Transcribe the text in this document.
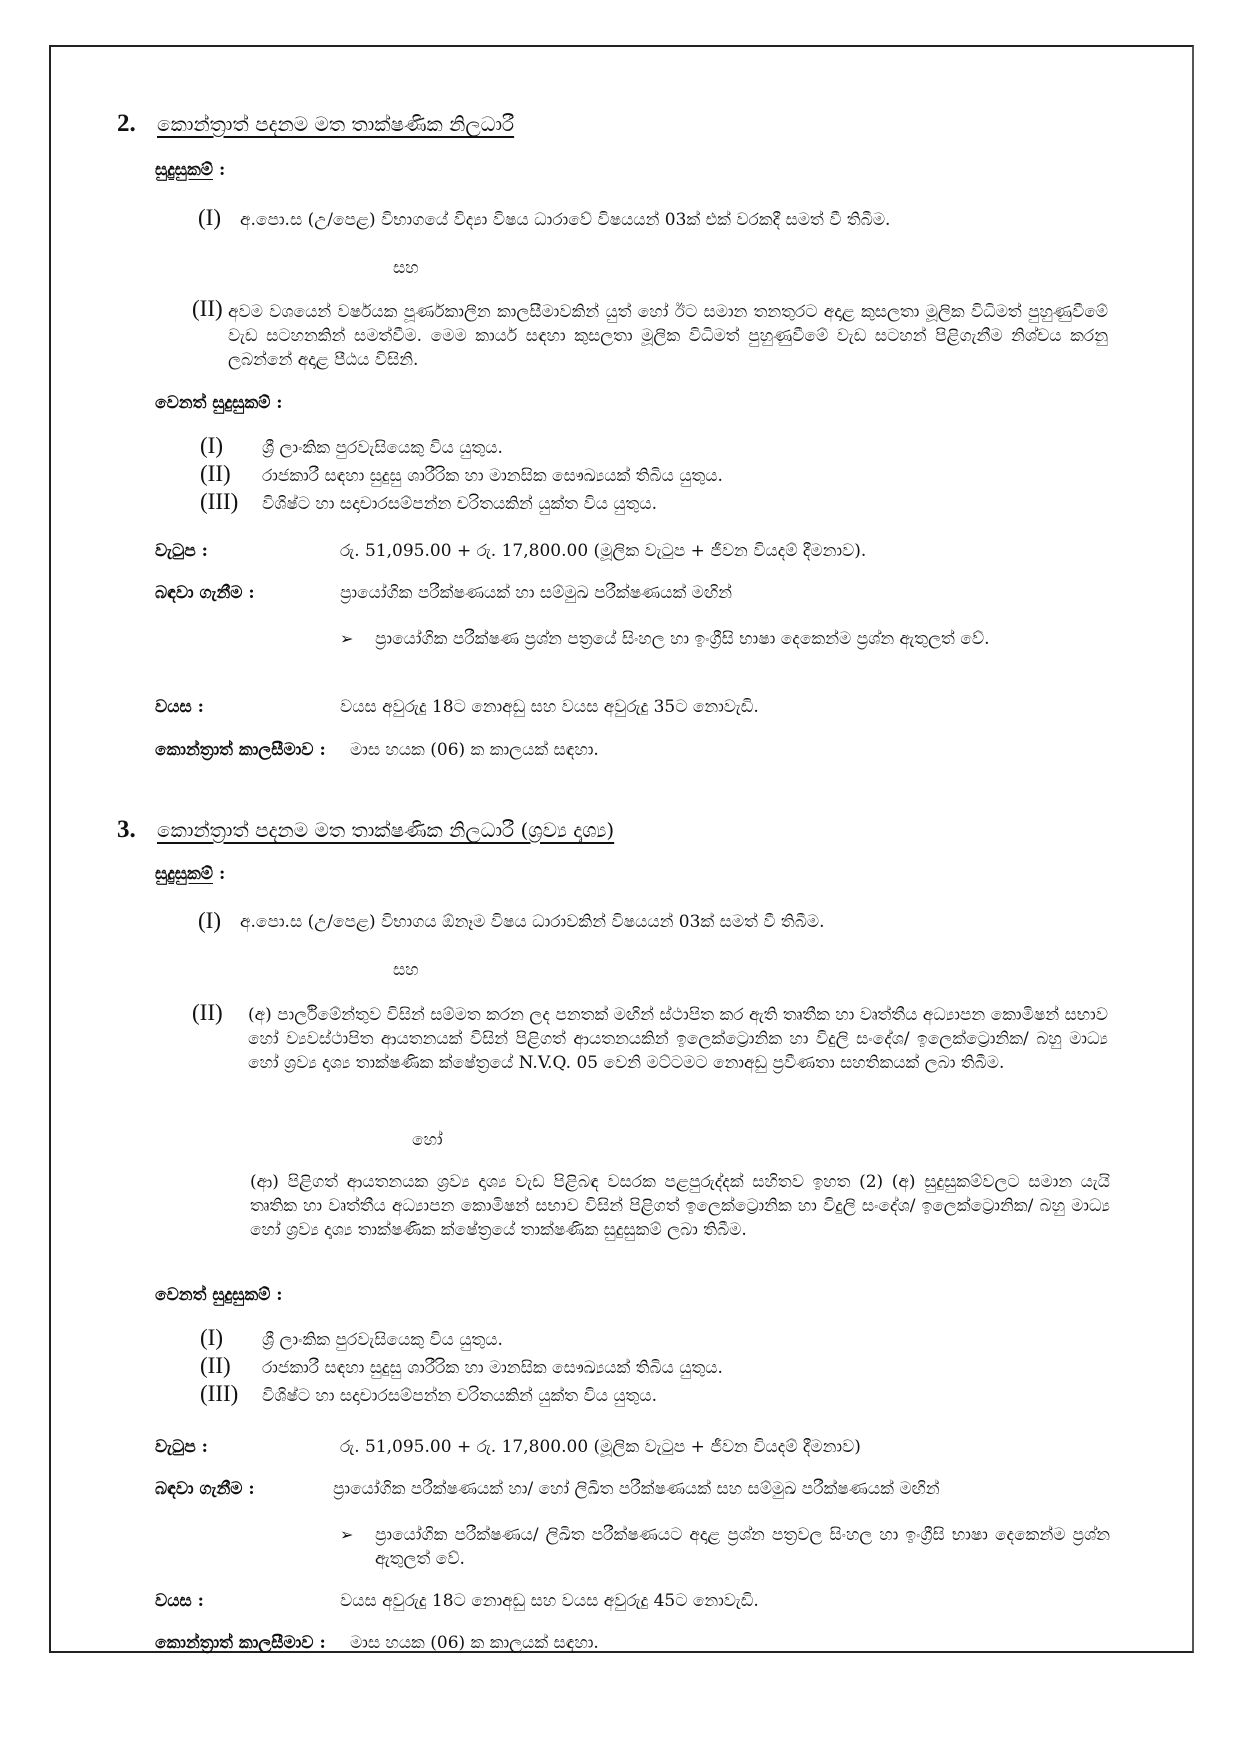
2. කොන්ත්‍රාත් පදනම මත තාක්ෂණික නිලධාරී
සුදුසුකම් :
(I) අ.පො.ස (උ/පෙළ) විභාගයේ විද්‍යා විෂය ධාරාවේ විෂයයන් 03ක් එක් වරකදී සමත් වී තිබීම.
සහ
(II) අවම වශයෙන් වර්ෂයක පූර්ණකාලීන කාලසීමාවකින් යුත් හෝ ඊට සමාන තනතුරට අදාළ කුසලතා මූලික විධිමත් පුහුණුවීමේ වැඩ සටහනකින් සමත්වීම. මෙම කාර්ය සඳහා කුසලතා මූලික විධිමත් පුහුණුවීමේ වැඩ සටහන් පිළිගැනීම නිශ්චය කරනු ලබන්නේ අදාළ පීඨය විසිනි.
වෙනත් සුදුසුකම් :
(I) ශ්‍රී ලාංකික පුරවැසියෙකු විය යුතුය.
(II) රාජකාරී සඳහා සුදුසු ශාරීරික හා මානසික සෞඛ්‍යයක් තිබිය යුතුය.
(III) විශිෂ්ට හා සදාචාරසම්පන්න චරිතයකින් යුක්ත විය යුතුය.
වැටුප :	රු. 51,095.00 + රු. 17,800.00 (මූලික වැටුප + ජීවන වියදම් දීමනාව).
බඳවා ගැනීම :	ප්‍රායෝගික පරීක්ෂණයක් හා සම්මුඛ පරීක්ෂණයක් මඟින්
➢ ප්‍රායෝගික පරීක්ෂණ ප්‍රශ්න පත්‍රයේ සිංහල හා ඉංග්‍රීසි භාෂා දෙකෙන්ම ප්‍රශ්න ඇතුලත් වේ.
වයස :	වයස අවුරුදු 18ට නොඅඩු සහ වයස අවුරුදු 35ට නොවැඩි.
කොන්ත්‍රාත් කාලසීමාව : මාස හයක (06) ක කාලයක් සඳහා.
3. කොන්ත්‍රාත් පදනම මත තාක්ෂණික නිලධාරී (ශ්‍රව්‍ය දෘශ්‍ය)
සුදුසුකම් :
(I) අ.පො.ස (උ/පෙළ) විභාගය ඕනෑම විෂය ධාරාවකින් විෂයයන් 03ක් සමත් වී තිබීම.
සහ
(II) (අ) පාර්ලිමේන්තුව විසින් සම්මත කරන ලද පනතක් මඟින් ස්ථාපිත කර ඇති තෘතීක හා වෘත්තීය අධ්‍යාපන කොමිෂන් සභාව හෝ ව්‍යවස්ථාපිත ආයතනයක් විසින් පිළිගත් ආයතනයකින් ඉලෙක්ට්‍රොනික හා විදුලි සංදේශ/ ඉලෙක්ට්‍රොනික/ බහු මාධ්‍ය හෝ ශ්‍රව්‍ය දෘශ්‍ය තාක්ෂණික ක්ෂේත්‍රයේ N.V.Q. 05 වෙනි මට්ටමට නොඅඩු ප්‍රවීණතා සහතිකයක් ලබා තිබීම.
හෝ
(ආ) පිළිගත් ආයතනයක ශ්‍රව්‍ය දෘශ්‍ය වැඩ පිළිබඳ වසරක පළපුරුද්දක් සහිතව ඉහත (2) (අ) සුදුසුකම්වලට සමාන යැයි තෘතික හා වෘත්තීය අධ්‍යාපන කොමිෂන් සභාව විසින් පිළිගත් ඉලෙක්ට්‍රොනික හා විදුලි සංදේශ/ ඉලෙක්ට්‍රොනික/ බහු මාධ්‍ය හෝ ශ්‍රව්‍ය දෘශ්‍ය තාක්ෂණික ක්ෂේත්‍රයේ තාක්ෂණික සුදුසුකම් ලබා තිබීම.
වෙනත් සුදුසුකම් :
(I) ශ්‍රී ලාංකික පුරවැසියෙකු විය යුතුය.
(II) රාජකාරී සඳහා සුදුසු ශාරීරික හා මානසික සෞඛ්‍යයක් තිබිය යුතුය.
(III) විශිෂ්ට හා සදාචාරසම්පන්න චරිතයකින් යුක්ත විය යුතුය.
වැටුප :	රු. 51,095.00 + රු. 17,800.00 (මූලික වැටුප + ජීවන වියදම් දීමනාව)
බඳවා ගැනීම :	ප්‍රායෝගික පරීක්ෂණයක් හා/ හෝ ලිඛිත පරීක්ෂණයක් සහ සම්මුඛ පරීක්ෂණයක් මඟින්
➢ ප්‍රායෝගික පරීක්ෂණය/ ලිඛිත පරීක්ෂණයට අදාළ ප්‍රශ්න පත්‍රවල සිංහල හා ඉංග්‍රීසි භාෂා දෙකෙන්ම ප්‍රශ්න ඇතුලත් වේ.
වයස :	වයස අවුරුදු 18ට නොඅඩු සහ වයස අවුරුදු 45ට නොවැඩි.
කොන්ත්‍රාත් කාලසීමාව : මාස හයක (06) ක කාලයක් සඳහා.
